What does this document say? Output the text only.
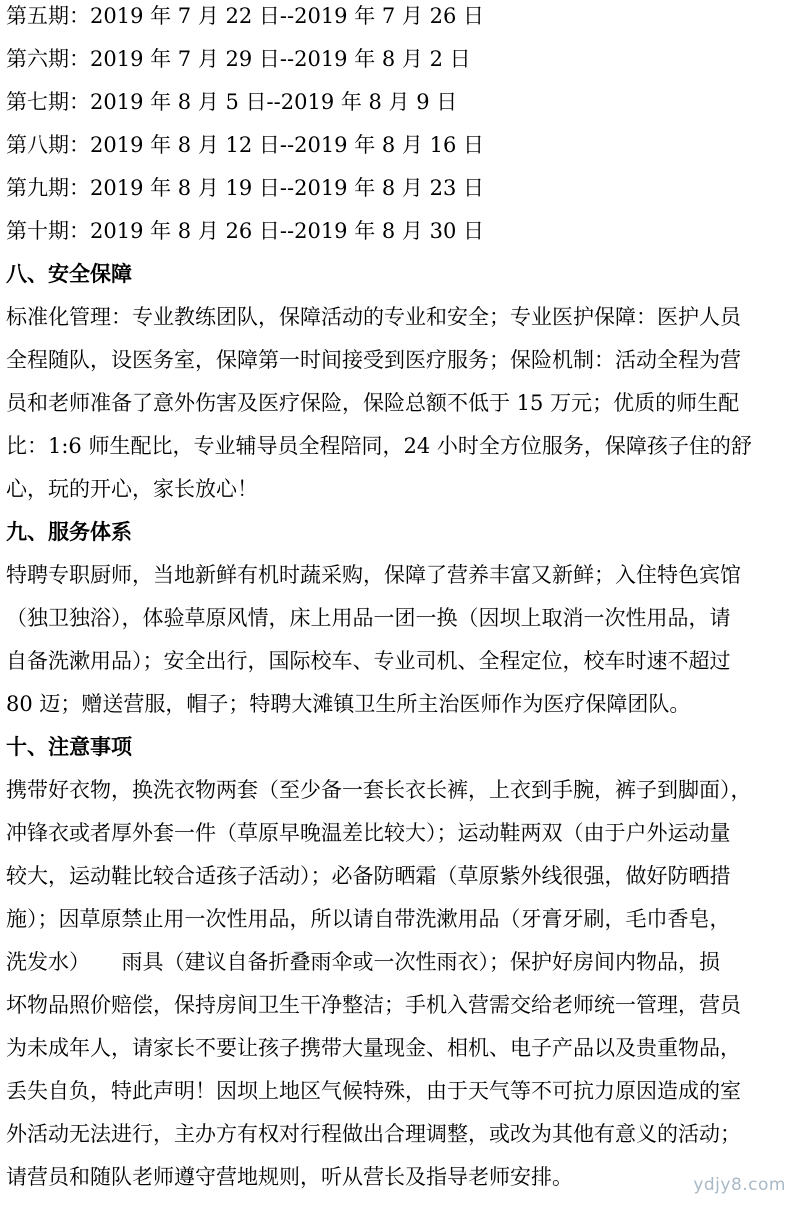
第五期：2019 年 7 月 22 日--2019 年 7 月 26 日
第六期：2019 年 7 月 29 日--2019 年 8 月 2 日
第七期：2019 年 8 月 5 日--2019 年 8 月 9 日
第八期：2019 年 8 月 12 日--2019 年 8 月 16 日
第九期：2019 年 8 月 19 日--2019 年 8 月 23 日
第十期：2019 年 8 月 26 日--2019 年 8 月 30 日
八、安全保障
标准化管理：专业教练团队，保障活动的专业和安全；专业医护保障：医护人员
全程随队，设医务室，保障第一时间接受到医疗服务；保险机制：活动全程为营
员和老师准备了意外伤害及医疗保险，保险总额不低于 15 万元；优质的师生配
比：1:6 师生配比，专业辅导员全程陪同，24 小时全方位服务，保障孩子住的舒
心，玩的开心，家长放心！
九、服务体系
特聘专职厨师，当地新鲜有机时蔬采购，保障了营养丰富又新鲜；入住特色宾馆
（独卫独浴），体验草原风情，床上用品一团一换（因坝上取消一次性用品，请
自备洗漱用品）；安全出行，国际校车、专业司机、全程定位，校车时速不超过
80 迈；赠送营服，帽子；特聘大滩镇卫生所主治医师作为医疗保障团队。
十、注意事项
携带好衣物，换洗衣物两套（至少备一套长衣长裤，上衣到手腕，裤子到脚面），
冲锋衣或者厚外套一件（草原早晚温差比较大）；运动鞋两双（由于户外运动量
较大，运动鞋比较合适孩子活动）；必备防晒霜（草原紫外线很强，做好防晒措
施）；因草原禁止用一次性用品，所以请自带洗漱用品（牙膏牙刷，毛巾香皂，
洗发水）　　雨具（建议自备折叠雨伞或一次性雨衣）；保护好房间内物品，损
坏物品照价赔偿，保持房间卫生干净整洁；手机入营需交给老师统一管理，营员
为未成年人，请家长不要让孩子携带大量现金、相机、电子产品以及贵重物品，
丢失自负，特此声明！因坝上地区气候特殊，由于天气等不可抗力原因造成的室
外活动无法进行，主办方有权对行程做出合理调整，或改为其他有意义的活动；
请营员和随队老师遵守营地规则，听从营长及指导老师安排。	ydjy8.com
